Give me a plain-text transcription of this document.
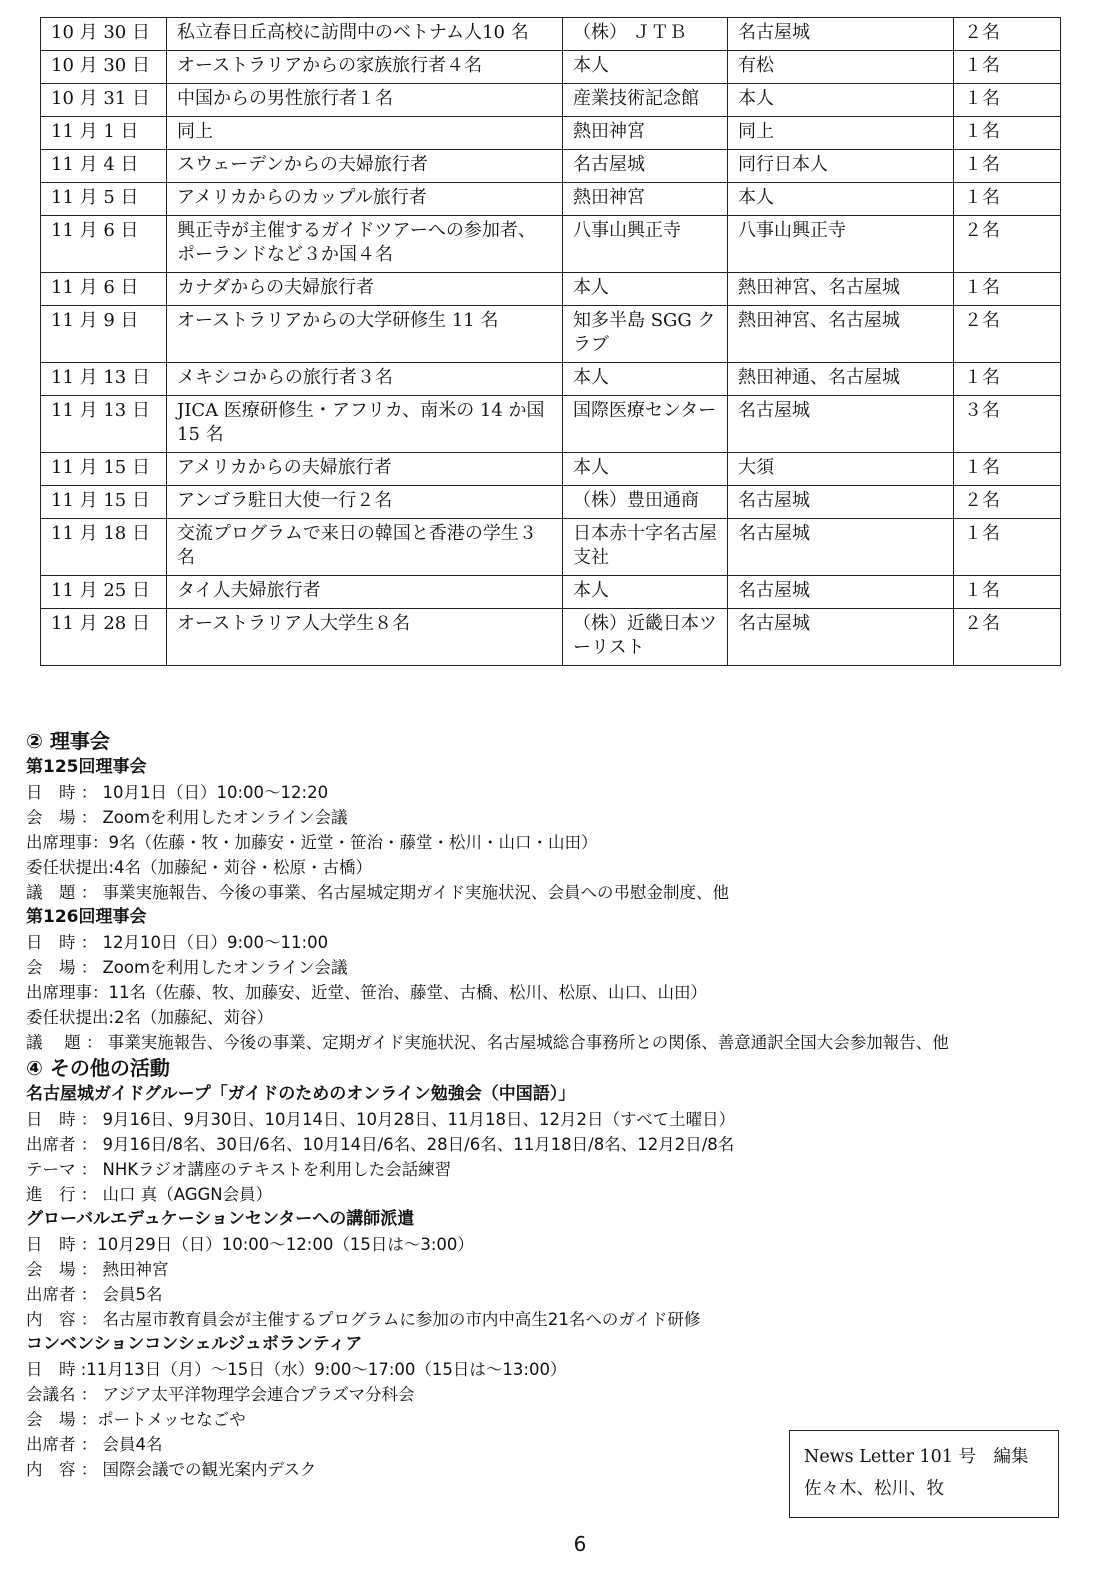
10 月 30 日	私立春日丘高校に訪問中のベトナム人10 名	（株） ＪＴＢ	名古屋城	２名
10 月 30 日	オーストラリアからの家族旅行者４名	本人	有松	１名
10 月 31 日	中国からの男性旅行者１名	産業技術記念館	本人	１名
11 月 1 日	同上	熱田神宮	同上	１名
11 月 4 日	スウェーデンからの夫婦旅行者	名古屋城	同行日本人	１名
11 月 5 日	アメリカからのカップル旅行者	熱田神宮	本人	１名
11 月 6 日	興正寺が主催するガイドツアーへの参加者、ポーランドなど３か国４名	八事山興正寺	八事山興正寺	２名
11 月 6 日	カナダからの夫婦旅行者	本人	熱田神宮、名古屋城	１名
11 月 9 日	オーストラリアからの大学研修生 11 名	知多半島 SGG クラブ	熱田神宮、名古屋城	２名
11 月 13 日	メキシコからの旅行者３名	本人	熱田神通、名古屋城	１名
11 月 13 日	JICA 医療研修生・アフリカ、南米の 14 か国 15 名	国際医療センター	名古屋城	３名
11 月 15 日	アメリカからの夫婦旅行者	本人	大須	１名
11 月 15 日	アンゴラ駐日大使一行２名	（株）豊田通商	名古屋城	２名
11 月 18 日	交流プログラムで来日の韓国と香港の学生３名	日本赤十字名古屋支社	名古屋城	１名
11 月 25 日	タイ人夫婦旅行者	本人	名古屋城	１名
11 月 28 日	オーストラリア人大学生８名	（株）近畿日本ツーリスト	名古屋城	２名
② 理事会
第125回理事会
日　時 ： 10月1日（日）10:00～12:20
会　場 ： Zoomを利用したオンライン会議
出席理事：9名（佐藤・牧・加藤安・近堂・笹治・藤堂・松川・山口・山田）
委任状提出:4名（加藤紀・苅谷・松原・古橋）
議　題 ： 事業実施報告、今後の事業、名古屋城定期ガイド実施状況、会員への弔慰金制度、他
第126回理事会
日　時 ： 12月10日（日）9:00～11:00
会　場 ： Zoomを利用したオンライン会議
出席理事：11名（佐藤、牧、加藤安、近堂、笹治、藤堂、古橋、松川、松原、山口、山田）
委任状提出:2名（加藤紀、苅谷）
議　 題 ： 事業実施報告、今後の事業、定期ガイド実施状況、名古屋城総合事務所との関係、善意通訳全国大会参加報告、他
④ その他の活動
名古屋城ガイドグループ「ガイドのためのオンライン勉強会（中国語）」
日　時 ： 9月16日、9月30日、10月14日、10月28日、11月18日、12月2日（すべて土曜日）
出席者 ： 9月16日/8名、30日/6名、10月14日/6名、28日/6名、11月18日/8名、12月2日/8名
テーマ ： NHKラジオ講座のテキストを利用した会話練習
進　行 ： 山口 真（AGGN会員）
グローバルエデュケーションセンターへの講師派遣
日　時 ：10月29日（日）10:00～12:00（15日は～3:00）
会　場 ： 熱田神宮
出席者 ： 会員5名
内　容 ： 名古屋市教育員会が主催するプログラムに参加の市内中高生21名へのガイド研修
コンベンションコンシェルジュボランティア
日　時 :11月13日（月）～15日（水）9:00～17:00（15日は～13:00）
会議名 ： アジア太平洋物理学会連合プラズマ分科会
会　場 ：ポートメッセなごや
出席者 ： 会員4名
内　容 ： 国際会議での観光案内デスク
News Letter 101 号　編集
佐々木、松川、牧
6
